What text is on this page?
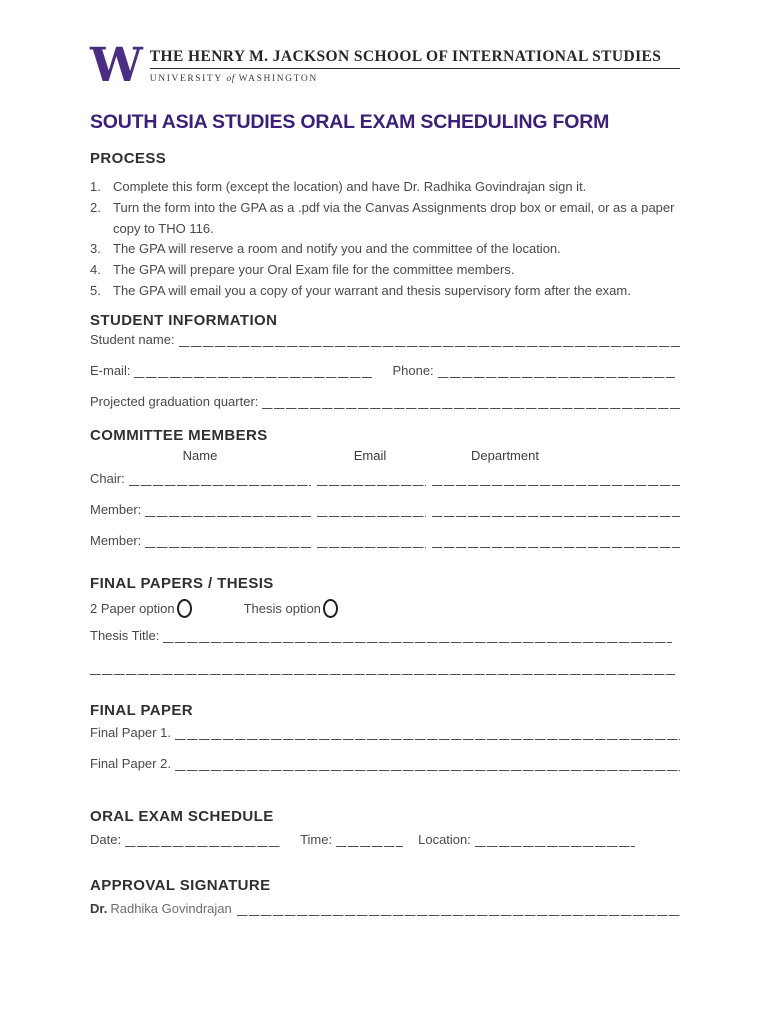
W THE HENRY M. JACKSON SCHOOL OF INTERNATIONAL STUDIES
UNIVERSITY of WASHINGTON
SOUTH ASIA STUDIES ORAL EXAM SCHEDULING FORM
PROCESS
Complete this form (except the location) and have Dr. Radhika Govindrajan sign it.
Turn the form into the GPA as a .pdf via the Canvas Assignments drop box or email, or as a paper copy to THO 116.
The GPA will reserve a room and notify you and the committee of the location.
The GPA will prepare your Oral Exam file for the committee members.
The GPA will email you a copy of your warrant and thesis supervisory form after the exam.
STUDENT INFORMATION
Student name:
E-mail:	Phone:
Projected graduation quarter:
COMMITTEE MEMBERS
Name	Email	Department
Chair:
Member:
Member:
FINAL PAPERS / THESIS
2 Paper option	Thesis option
Thesis Title:
FINAL PAPER
Final Paper 1.
Final Paper 2.
ORAL EXAM SCHEDULE
Date:	Time:	Location:
APPROVAL SIGNATURE
Dr. Radhika Govindrajan
